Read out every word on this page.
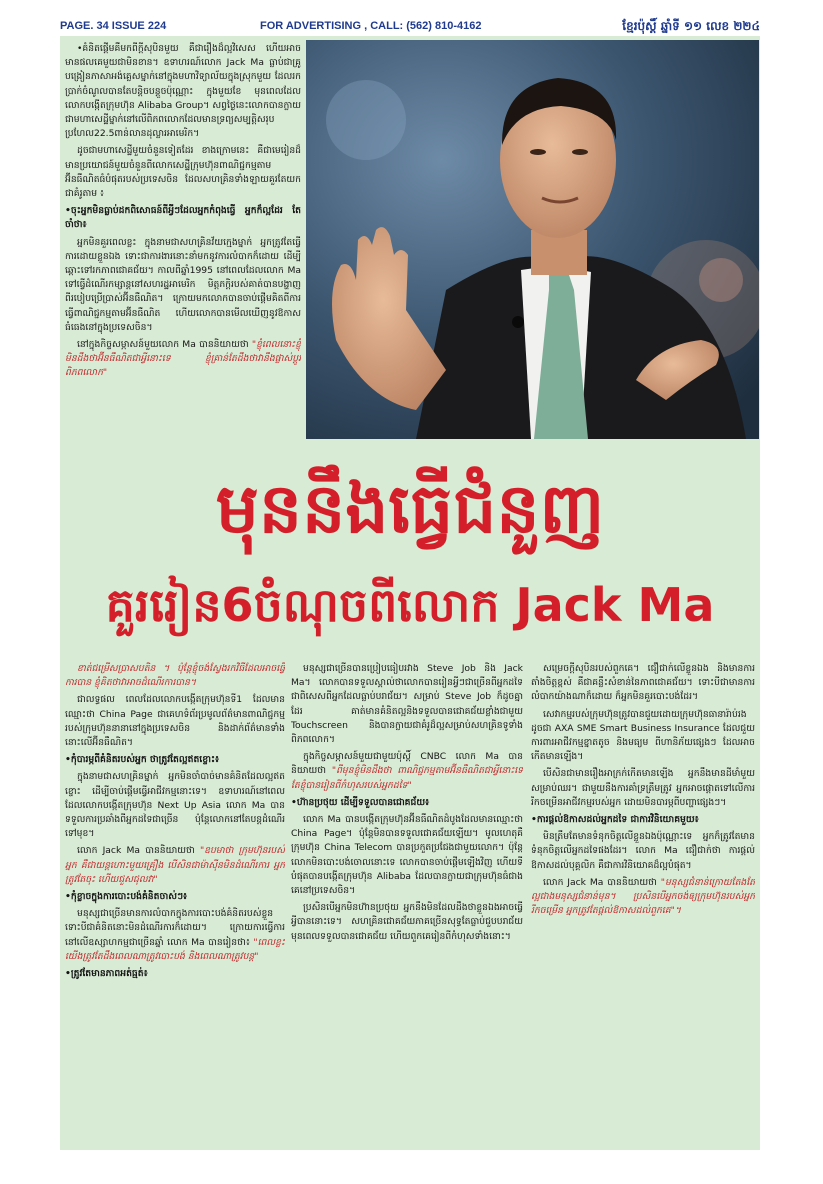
PAGE. 34 ISSUE 224	FOR ADVERTISING , CALL: (562) 810-4162	ខ្មែរប៉ុស្ដិ៍ ឆ្នាំទី ១១ លេខ ២២៤

•គំនិតផ្ដើមគឺមកពីក្ដីសុបិនមួយ គឺជារឿងដ៏ល្អវិសេស ហើយអាចមានផលគេមួយជាមិនខាន។ ឧទាហរណ៍លោក Jack Ma ធ្លាប់ជាគ្រូបង្រៀនភាសាអង់គ្លេសម្នាក់នៅក្នុងមហាវិទ្យាល័យក្នុងស្រុកមួយ ដែលរកប្រាក់ចំណូលបានតែបន្តិចបន្តួចប៉ុណ្ណោះ ក្នុងមួយខែ មុនពេលដែលលោកបង្កើតក្រុមហ៊ុន Alibaba Group។ សព្វថ្ងៃនេះលោកបានក្លាយជាមហាសេដ្ឋីម្នាក់នៅលើពិភពលោកដែលមានទ្រព្យសម្បត្តិសរុប ប្រហែល22.5ពាន់លានដុល្លារអាមេរិក។

ដូចជាមហាសេដ្ឋីមួយចំនួនទៀតដែរ ខាងក្រោមនេះ គឺជាមេរៀនដ៏មានប្រយោជន៍មួយចំនួនពីលោកសេដ្ឋីក្រុមហ៊ុនពាណិជ្ជកម្មតាមអ៊ីនធឺណិតធំបំផុតរបស់ប្រទេសចិន ដែលសហគ្រិនទាំងឡាយគួរតែយកជាគំរូតាម ៖

•ចុះអ្នកមិនធ្លាប់ដកពិសោធន៍ពីអ្វីៗដែលអ្នកកំពុងធ្វើ អ្នកក៏ល្អដែរ តែចាំថា៖

អ្នកមិនគួរពេលខ្លះ ក្នុងនាមជាសហគ្រិនវ័យក្មេងម្នាក់ អ្នកត្រូវតែធ្វើការដោយខ្លួនឯង ទោះជាការងារនោះនាំមកនូវការលំបាកក៏ដោយ ដើម្បីឆ្ពោះទៅរកភាពជោគជ័យ។ កាលពីឆ្នាំ1995 នៅពេលដែលលោក Ma ទៅធ្វើដំណើរកម្សាន្តនៅសហរដ្ឋអាមេរិក មិត្តភក្ដិរបស់គាត់បានបង្ហាញពីរបៀបប្រើប្រាស់អ៊ីនធឺណិត។ ក្រោយមកលោកបានចាប់ផ្ដើមគិតពីការធ្វើពាណិជ្ជកម្មតាមអ៊ីនធឺណិត ហើយលោកបានមើលឃើញនូវឱកាសធំធេងនៅក្នុងប្រទេសចិន។

នៅក្នុងកិច្ចសម្ភាសន៍មួយលោក Ma បាននិយាយថា "ខ្ញុំពេលនោះខ្ញុំមិនដឹងថាអ៊ីនធឺណិតជាអ្វីនោះទេ ខ្ញុំគ្រាន់តែដឹងថាវានឹងផ្លាស់ប្ដូរពិភពលោក"

មុននឹងធ្វើជំនួញ
គួររៀន6ចំណុចពីលោក Jack Ma

ខាត់ជម្រើសប្រាសបតិន ។ ប៉ុន្តែខ្ញុំចង់ស្វែងរកវិធីដែលអាចធ្វើការបាន ខ្ញុំគិតថាវាអាចដំណើរការបាន។

ជាលទ្ធផល ពេលដែលលោកបង្កើតក្រុមហ៊ុនទី1 ដែលមានឈ្មោះថា China Page ជាគេហទំព័រប្រមូលព័ត៌មានពាណិជ្ជកម្មរបស់ក្រុមហ៊ុននានានៅក្នុងប្រទេសចិន និងដាក់ព័ត៌មានទាំងនោះលើអ៊ីនធឺណិត។

•កុំបារម្ភពីគំនិតរបស់អ្នក ថាត្រូវតែល្អឥតខ្ចោះ៖

ក្នុងនាមជាសហគ្រិនម្នាក់ អ្នកមិនចាំបាច់មានគំនិតដែលល្អឥតខ្ចោះ ដើម្បីចាប់ផ្ដើមធ្វើអាជីវកម្មនោះទេ។ ឧទាហរណ៍នៅពេលដែលលោកបង្កើតក្រុមហ៊ុន Next Up Asia លោក Ma បានទទួលការប្រឆាំងពីអ្នកដទៃជាច្រើន ប៉ុន្តែលោកនៅតែបន្តដំណើរទៅមុខ។

លោក Jack Ma បាននិយាយថា "ឧបមាថា ក្រុមហ៊ុនរបស់អ្នក គឺជាយន្តហោះមួយគ្រឿង បើសិនជាម៉ាស៊ីនមិនដំណើរការ អ្នកត្រូវតែចុះ ហើយជួសជុលវា"

•កុំខ្លាចក្នុងការបោះបង់គំនិតចាស់ៗ៖

មនុស្សជាច្រើនមានការលំបាកក្នុងការបោះបង់គំនិតរបស់ខ្លួន ទោះបីជាគំនិតនោះមិនដំណើរការក៏ដោយ។ ក្រោយការធ្វើការនៅលើឧស្សាហកម្មជាច្រើនឆ្នាំ លោក Ma បានរៀនថា៖ "ពេលខ្លះយើងត្រូវតែដឹងពេលណាត្រូវបោះបង់ និងពេលណាត្រូវបន្ត"

•ត្រូវតែមានភាពអត់ធ្មត់៖

មនុស្សជាច្រើនបានប្រៀបធៀបរវាង Steve Job និង Jack Ma។ លោកបានទទួលស្គាល់ថាលោកបានរៀនអ្វីៗជាច្រើនពីអ្នកដទៃ ជាពិសេសពីអ្នកដែលធ្លាប់បរាជ័យ។ សម្រាប់ Steve Job ក៏ដូចគ្នាដែរ គាត់មានគំនិតល្អនិងទទួលបានជោគជ័យខ្លាំងជាមួយ Touchscreen និងបានក្លាយជាគំរូដ៏ល្អសម្រាប់សហគ្រិនទូទាំងពិភពលោក។

ក្នុងកិច្ចសម្ភាសន៍មួយជាមួយប៉ុស្ដិ៍ CNBC លោក Ma បាននិយាយថា "ពីមុនខ្ញុំមិនដឹងថា ពាណិជ្ជកម្មតាមអ៊ីនធឺណិតជាអ្វីនោះទេ តែខ្ញុំបានរៀនពីកំហុសរបស់អ្នកដទៃ"

•ហ៊ានប្រថុយ ដើម្បីទទួលបានជោគជ័យ៖

លោក Ma បានបង្កើតក្រុមហ៊ុនអ៊ីនធឺណិតដំបូងដែលមានឈ្មោះថា China Page។ ប៉ុន្តែមិនបានទទួលជោគជ័យឡើយ។ មូលហេតុគឺ ក្រុមហ៊ុន China Telecom បានប្រកួតប្រជែងជាមួយលោក។ ប៉ុន្តែលោកមិនបោះបង់ចោលនោះទេ លោកបានចាប់ផ្ដើមឡើងវិញ ហើយទីបំផុតបានបង្កើតក្រុមហ៊ុន Alibaba ដែលបានក្លាយជាក្រុមហ៊ុនធំជាងគេនៅប្រទេសចិន។

ប្រសិនបើអ្នកមិនហ៊ានប្រថុយ អ្នកនឹងមិនដែលដឹងថាខ្លួនឯងអាចធ្វើអ្វីបាននោះទេ។ សហគ្រិនជោគជ័យភាគច្រើនសុទ្ធតែធ្លាប់ជួបបរាជ័យមុនពេលទទួលបានជោគជ័យ ហើយពួកគេរៀនពីកំហុសទាំងនោះ។

សម្រេចក្ដីសុបិនរបស់ពួកគេ។ ជឿជាក់លើខ្លួនឯង និងមានការតាំងចិត្តខ្ពស់ គឺជាគន្លឹះសំខាន់នៃភាពជោគជ័យ។ ទោះបីជាមានការលំបាកយ៉ាងណាក៏ដោយ ក៏អ្នកមិនគួរបោះបង់ដែរ។

សេវាកម្មរបស់ក្រុមហ៊ុនត្រូវបានជួយដោយក្រុមហ៊ុនធានារ៉ាប់រងដូចជា AXA SME Smart Business Insurance ដែលជួយការពារអាជីវកម្មខ្នាតតូច និងមធ្យម ពីហានិភ័យផ្សេងៗ ដែលអាចកើតមានឡើង។

បើសិនជាមានរឿងអាក្រក់កើតមានឡើង អ្នកនឹងមានដីមាំមួយសម្រាប់ឈរ។ ជាមួយនឹងការគាំទ្រត្រឹមត្រូវ អ្នកអាចផ្ដោតទៅលើការរីកចម្រើនអាជីវកម្មរបស់អ្នក ដោយមិនបារម្ភពីបញ្ហាផ្សេងៗ។

•ការផ្ដល់ឱកាសដល់អ្នកដទៃ ជាការវិនិយោគមួយ៖

មិនត្រឹមតែមានទំនុកចិត្តលើខ្លួនឯងប៉ុណ្ណោះទេ អ្នកក៏ត្រូវតែមានទំនុកចិត្តលើអ្នកដទៃផងដែរ។ លោក Ma ជឿជាក់ថា ការផ្ដល់ឱកាសដល់បុគ្គលិក គឺជាការវិនិយោគដ៏ល្អបំផុត។

លោក Jack Ma បាននិយាយថា "មនុស្សជំនាន់ក្រោយតែងតែល្អជាងមនុស្សជំនាន់មុន។ ប្រសិនបើអ្នកចង់ឲ្យក្រុមហ៊ុនរបស់អ្នករីកចម្រើន អ្នកត្រូវតែផ្ដល់ឱកាសដល់ពួកគេ"។
